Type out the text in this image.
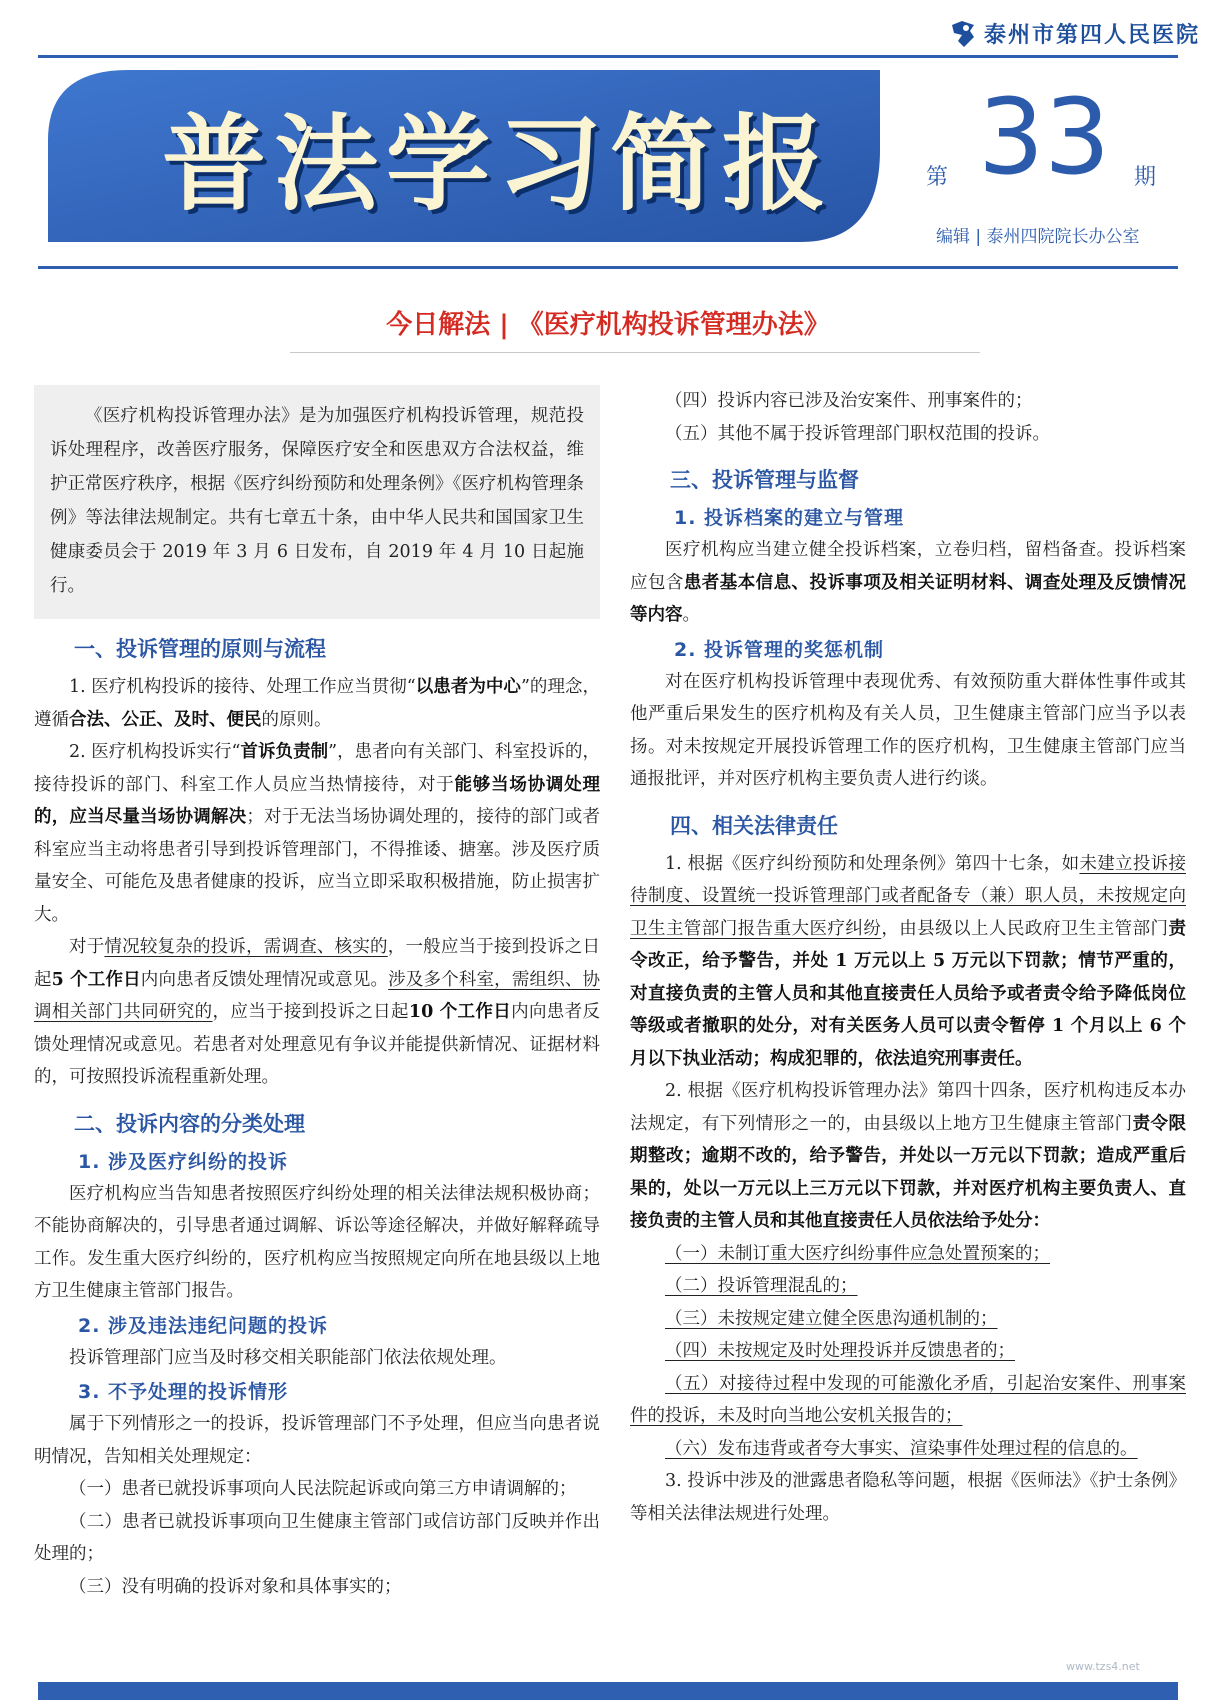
泰州市第四人民医院
普法学习简报	第 33 期
编辑 | 泰州四院院长办公室
今日解法 | 《医疗机构投诉管理办法》

《医疗机构投诉管理办法》是为加强医疗机构投诉管理，规范投诉处理程序，改善医疗服务，保障医疗安全和医患双方合法权益，维护正常医疗秩序，根据《医疗纠纷预防和处理条例》《医疗机构管理条例》等法律法规制定。共有七章五十条，由中华人民共和国国家卫生健康委员会于 2019 年 3 月 6 日发布，自 2019 年 4 月 10 日起施行。

一、投诉管理的原则与流程

1. 医疗机构投诉的接待、处理工作应当贯彻“以患者为中心”的理念，遵循合法、公正、及时、便民的原则。

2. 医疗机构投诉实行“首诉负责制”，患者向有关部门、科室投诉的，接待投诉的部门、科室工作人员应当热情接待，对于能够当场协调处理的，应当尽量当场协调解决；对于无法当场协调处理的，接待的部门或者科室应当主动将患者引导到投诉管理部门，不得推诿、搪塞。涉及医疗质量安全、可能危及患者健康的投诉，应当立即采取积极措施，防止损害扩大。

对于情况较复杂的投诉，需调查、核实的，一般应当于接到投诉之日起5 个工作日内向患者反馈处理情况或意见。涉及多个科室，需组织、协调相关部门共同研究的，应当于接到投诉之日起10 个工作日内向患者反馈处理情况或意见。若患者对处理意见有争议并能提供新情况、证据材料的，可按照投诉流程重新处理。

二、投诉内容的分类处理
1. 涉及医疗纠纷的投诉

医疗机构应当告知患者按照医疗纠纷处理的相关法律法规积极协商；不能协商解决的，引导患者通过调解、诉讼等途径解决，并做好解释疏导工作。发生重大医疗纠纷的，医疗机构应当按照规定向所在地县级以上地方卫生健康主管部门报告。

2. 涉及违法违纪问题的投诉

投诉管理部门应当及时移交相关职能部门依法依规处理。

3. 不予处理的投诉情形

属于下列情形之一的投诉，投诉管理部门不予处理，但应当向患者说明情况，告知相关处理规定：

（一）患者已就投诉事项向人民法院起诉或向第三方申请调解的；

（二）患者已就投诉事项向卫生健康主管部门或信访部门反映并作出处理的；

（三）没有明确的投诉对象和具体事实的；

（四）投诉内容已涉及治安案件、刑事案件的；

（五）其他不属于投诉管理部门职权范围的投诉。

三、投诉管理与监督
1. 投诉档案的建立与管理

医疗机构应当建立健全投诉档案，立卷归档，留档备查。投诉档案应包含患者基本信息、投诉事项及相关证明材料、调查处理及反馈情况等内容。

2. 投诉管理的奖惩机制

对在医疗机构投诉管理中表现优秀、有效预防重大群体性事件或其他严重后果发生的医疗机构及有关人员，卫生健康主管部门应当予以表扬。对未按规定开展投诉管理工作的医疗机构，卫生健康主管部门应当通报批评，并对医疗机构主要负责人进行约谈。

四、相关法律责任

1. 根据《医疗纠纷预防和处理条例》第四十七条，如未建立投诉接待制度、设置统一投诉管理部门或者配备专（兼）职人员，未按规定向卫生主管部门报告重大医疗纠纷，由县级以上人民政府卫生主管部门责令改正，给予警告，并处 1 万元以上 5 万元以下罚款；情节严重的，对直接负责的主管人员和其他直接责任人员给予或者责令给予降低岗位等级或者撤职的处分，对有关医务人员可以责令暂停 1 个月以上 6 个月以下执业活动；构成犯罪的，依法追究刑事责任。

2. 根据《医疗机构投诉管理办法》第四十四条，医疗机构违反本办法规定，有下列情形之一的，由县级以上地方卫生健康主管部门责令限期整改；逾期不改的，给予警告，并处以一万元以下罚款；造成严重后果的，处以一万元以上三万元以下罚款，并对医疗机构主要负责人、直接负责的主管人员和其他直接责任人员依法给予处分：

（一）未制订重大医疗纠纷事件应急处置预案的；

（二）投诉管理混乱的；

（三）未按规定建立健全医患沟通机制的；

（四）未按规定及时处理投诉并反馈患者的；

（五）对接待过程中发现的可能激化矛盾，引起治安案件、刑事案件的投诉，未及时向当地公安机关报告的；

（六）发布违背或者夸大事实、渲染事件处理过程的信息的。

3. 投诉中涉及的泄露患者隐私等问题，根据《医师法》《护士条例》等相关法律法规进行处理。

www.tzs4.net
